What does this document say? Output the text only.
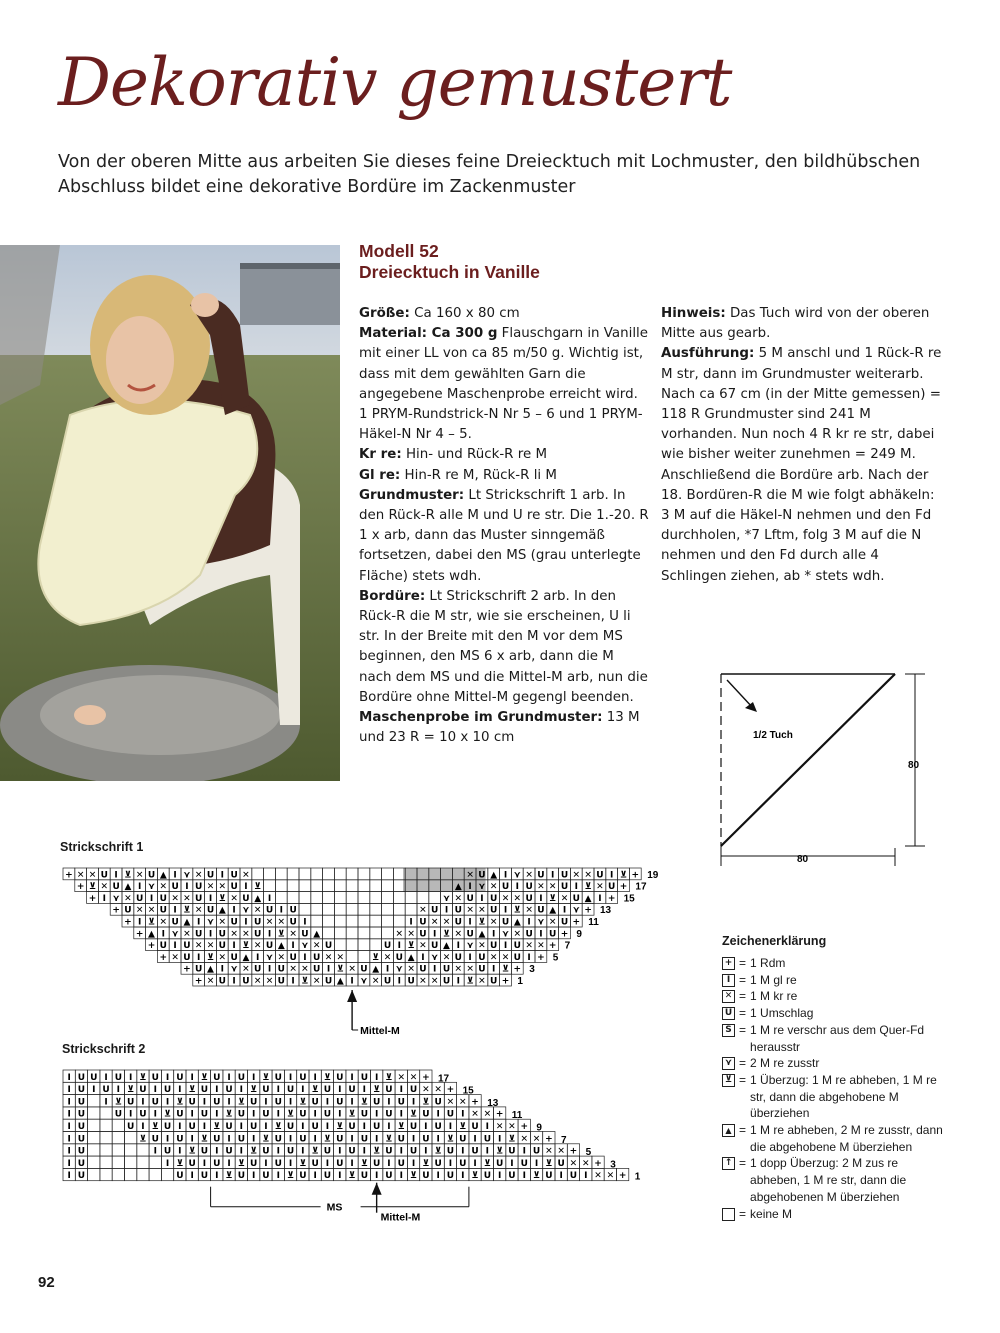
Dekorativ gemustert
Von der oberen Mitte aus arbeiten Sie dieses feine Dreiecktuch mit Lochmuster, den bildhübschen Abschluss bildet eine dekorative Bordüre im Zackenmuster
Modell 52
Dreiecktuch in Vanille

Größe: Ca 160 x 80 cm

Material: Ca 300 g Flauschgarn in Vanille mit einer LL von ca 85 m/50 g. Wichtig ist, dass mit dem gewählten Garn die angegebene Maschenprobe erreicht wird.

1 PRYM-Rundstrick-N Nr 5 – 6 und 1 PRYM-Häkel-N Nr 4 – 5.

Kr re: Hin- und Rück-R re M

Gl re: Hin-R re M, Rück-R li M

Grundmuster: Lt Strickschrift 1 arb. In den Rück-R alle M und U re str. Die 1.-20. R 1 x arb, dann das Muster sinngemäß fortsetzen, dabei den MS (grau unterlegte Fläche) stets wdh.

Bordüre: Lt Strickschrift 2 arb. In den Rück-R die M str, wie sie erscheinen, U li str. In der Breite mit den M vor dem MS beginnen, den MS 6 x arb, dann die M nach dem MS und die Mittel-M arb, nun die Bordüre ohne Mittel-M gegengl beenden.

Maschenprobe im Grundmuster: 13 M und 23 R = 10 x 10 cm

Hinweis: Das Tuch wird von der oberen Mitte aus gearb.

Ausführung: 5 M anschl und 1 Rück-R re M str, dann im Grundmuster weiterarb. Nach ca 67 cm (in der Mitte gemessen) = 118 R Grundmuster sind 241 M vorhanden. Nun noch 4 R kr re str, dabei wie bisher weiter zunehmen = 249 M. Anschließend die Bordüre arb. Nach der 18. Bordüren-R die M wie folgt abhäkeln: 3 M auf die Häkel-N nehmen und den Fd durchholen, *7 Lftm, folg 3 M auf die N nehmen und den Fd durch alle 4 Schlingen ziehen, ab * stets wdh.

1/2 Tuch
80
80
Strickschrift 1
+ ✕ ✕ U I ⊻ ✕ U ▲ I ⋎ ✕ U I U ✕	✕ U ▲ I ⋎ ✕ U I U ✕ ✕ U I ⊻ + 19
+ ⊻ ✕ U ▲ I ⋎ ✕ U I U ✕ ✕ U I ⊻	▲ I ⋎ ✕ U I U ✕ ✕ U I ⊻ ✕ U + 17
+ I ⋎ ✕ U I U ✕ ✕ U I ⊻ ✕ U ▲ I	⋎ ✕ U I U ✕ ✕ U I ⊻ ✕ U ▲ I + 15
+ U ✕ ✕ U I ⊻ ✕ U ▲ I ⋎ ✕ U I U	✕ U I U ✕ ✕ U I ⊻ ✕ U ▲ I ⋎ + 13
+ I ⊻ ✕ U ▲ I ⋎ ✕ U I U ✕ ✕ U I	I U ✕ ✕ U I ⊻ ✕ U ▲ I ⋎ ✕ U + 11
+ ▲ I ⋎ ✕ U I U ✕ ✕ U I ⊻ ✕ U ▲	✕ ✕ U I ⊻ ✕ U ▲ I ⋎ ✕ U I U + 9
+ U I U ✕ ✕ U I ⊻ ✕ U ▲ I ⋎ ✕ U	U I ⊻ ✕ U ▲ I ⋎ ✕ U I U ✕ ✕ + 7
+ ✕ U I ⊻ ✕ U ▲ I ⋎ ✕ U I U ✕ ✕	⊻ ✕ U ▲ I ⋎ ✕ U I U ✕ ✕ U I + 5
+ U ▲ I ⋎ ✕ U I U ✕ ✕ U I ⊻ ✕ U ▲ I ⋎ ✕ U I U ✕ ✕ U I ⊻ + 3
+ ✕ U I U ✕ ✕ U I ⊻ ✕ U ▲ I ⋎ ✕ U I U ✕ ✕ U I ⊻ ✕ U + 1
Mittel-M
Strickschrift 2
I U U I U I ⊻ U I U I ⊻ U I U I ⊻ U I U I ⊻ U I U I ⊻ ✕ ✕ + 17
I U I U I ⊻ U I U I ⊻ U I U I ⊻ U I U I ⊻ U I U I ⊻ U I U ✕ ✕ + 15
I U I ⊻ U I U I ⊻ U I U I ⊻ U I U I ⊻ U I U I ⊻ U I U I ⊻ U ✕ ✕ + 13
I U	U I U I ⊻ U I U I ⊻ U I U I ⊻ U I U I ⊻ U I U I ⊻ U I U I ✕ ✕ + 11
I U	U I ⊻ U I U I ⊻ U I U I ⊻ U I U I ⊻ U I U I ⊻ U I U I ⊻ U I ✕ ✕ + 9
I U	⊻ U I U I ⊻ U I U I ⊻ U I U I ⊻ U I U I ⊻ U I U I ⊻ U I U I ⊻ ✕ ✕ + 7
I U	I U I ⊻ U I U I ⊻ U I U I ⊻ U I U I ⊻ U I U I ⊻ U I U I ⊻ U I U ✕ ✕ + 5
I U	I ⊻ U I U I ⊻ U I U I ⊻ U I U I ⊻ U I U I ⊻ U I U I ⊻ U I U I ⊻ U ✕ ✕ + 3
I U	U I U I ⊻ U I U I ⊻ U I U I ⊻ U I U I ⊻ U I U I ⊻ U I U I ⊻ U I U I ✕ ✕ + 1
MS
Mittel-M
Zeichenerklärung
+ = 1 Rdm
I = 1 M gl re
✕ = 1 M kr re
U = 1 Umschlag
S = 1 M re verschr aus dem Quer-Fd herausstr
⋎ = 2 M re zusstr
⊻ = 1 Überzug: 1 M re abheben, 1 M re str, dann die abgehobene M überziehen
▲ = 1 M re abheben, 2 M re zusstr, dann die abgehobene M überziehen
↑ = 1 dopp Überzug: 2 M zus re abheben, 1 M re str, dann die abgehobenen M überziehen
= keine M
92
